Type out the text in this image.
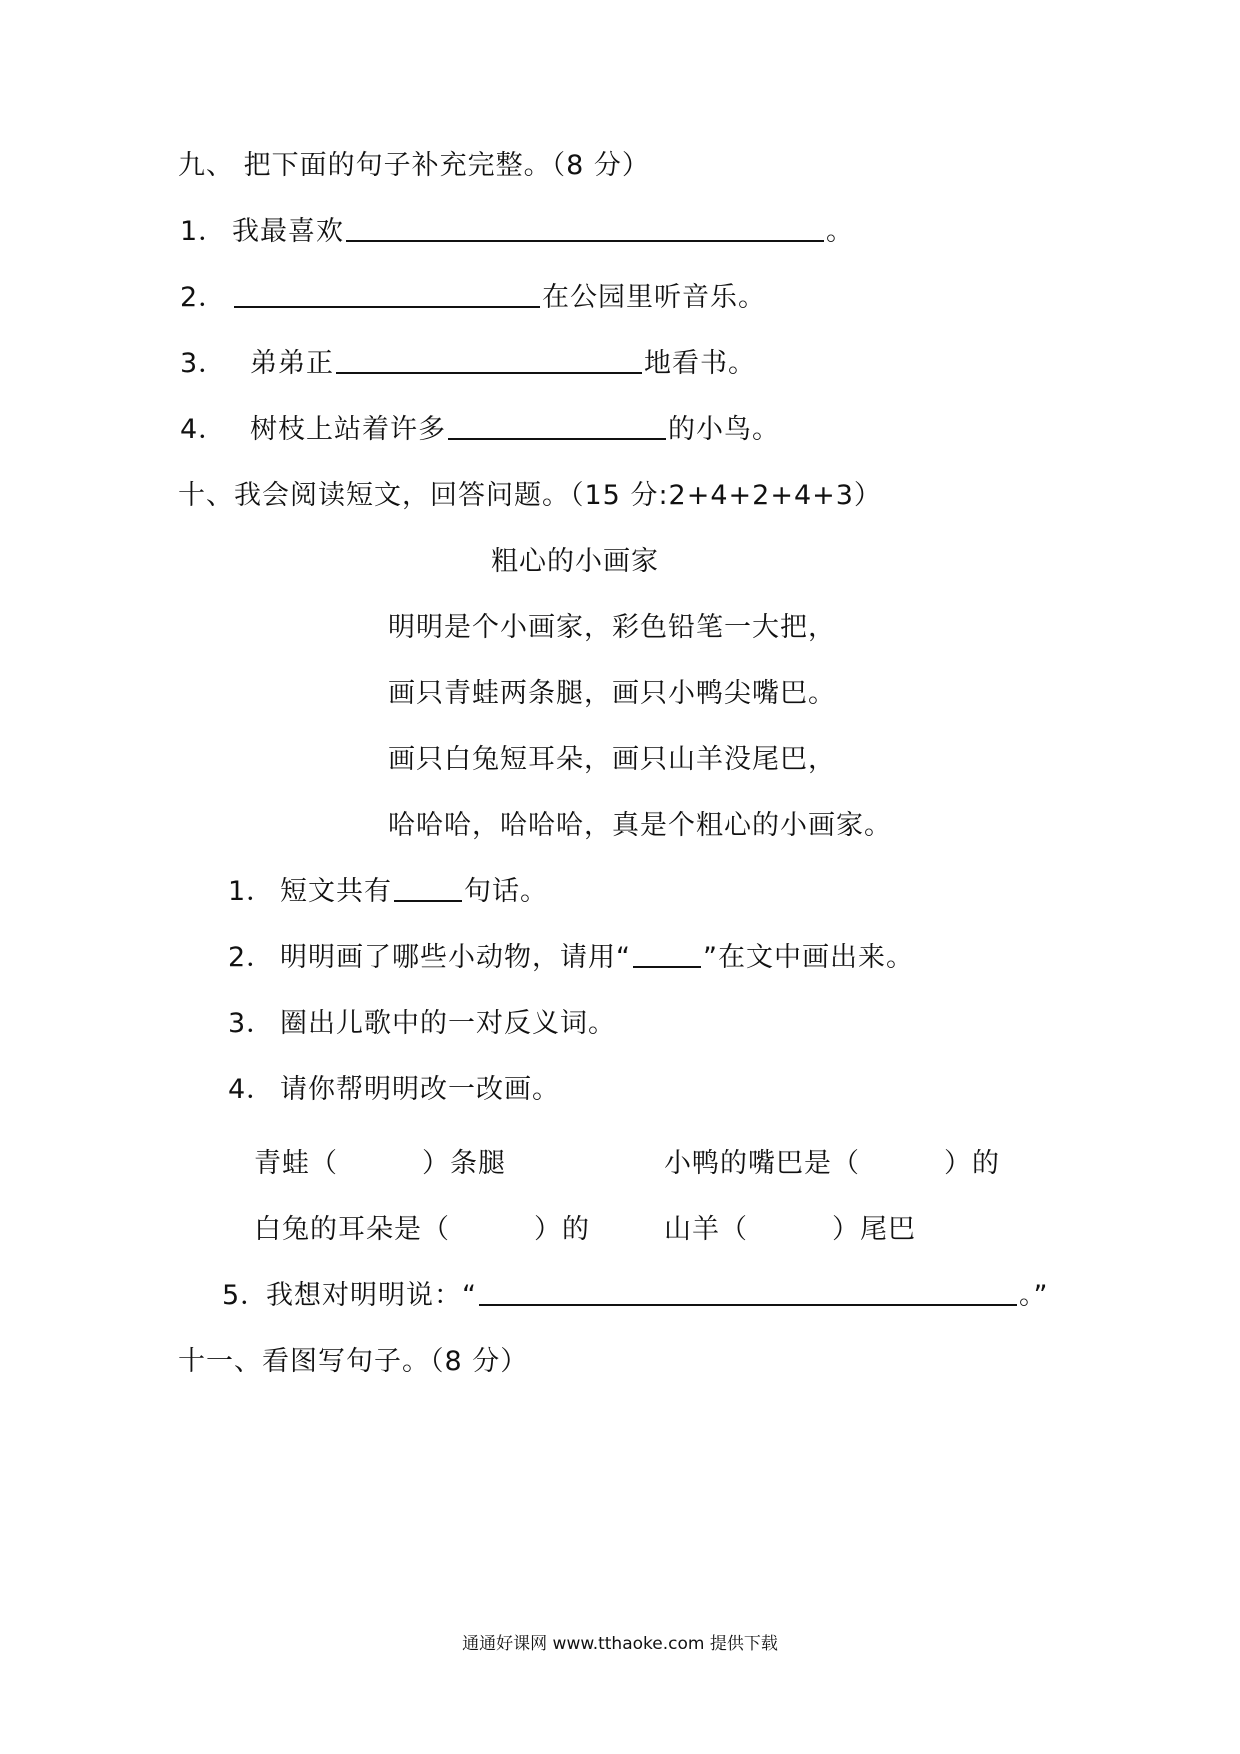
九、 把下面的句子补充完整。（8 分）
1． 我最喜欢	。
2．	在公园里听音乐。
3． 弟弟正	地看书。
4． 树枝上站着许多	的小鸟。
十、我会阅读短文，回答问题。（15 分:2+4+2+4+3）
粗心的小画家
明明是个小画家，彩色铅笔一大把，
画只青蛙两条腿，画只小鸭尖嘴巴。
画只白兔短耳朵，画只山羊没尾巴，
哈哈哈，哈哈哈，真是个粗心的小画家。
1． 短文共有	句话。
2． 明明画了哪些小动物，请用“	”在文中画出来。
3． 圈出儿歌中的一对反义词。
4． 请你帮明明改一改画。
青蛙（　　　）条腿	小鸭的嘴巴是（　　　）的
白兔的耳朵是（　　　）的	山羊（　　　）尾巴
5．我想对明明说：“	。”
十一、看图写句子。（8 分）
通通好课网 www.tthaoke.com 提供下载
